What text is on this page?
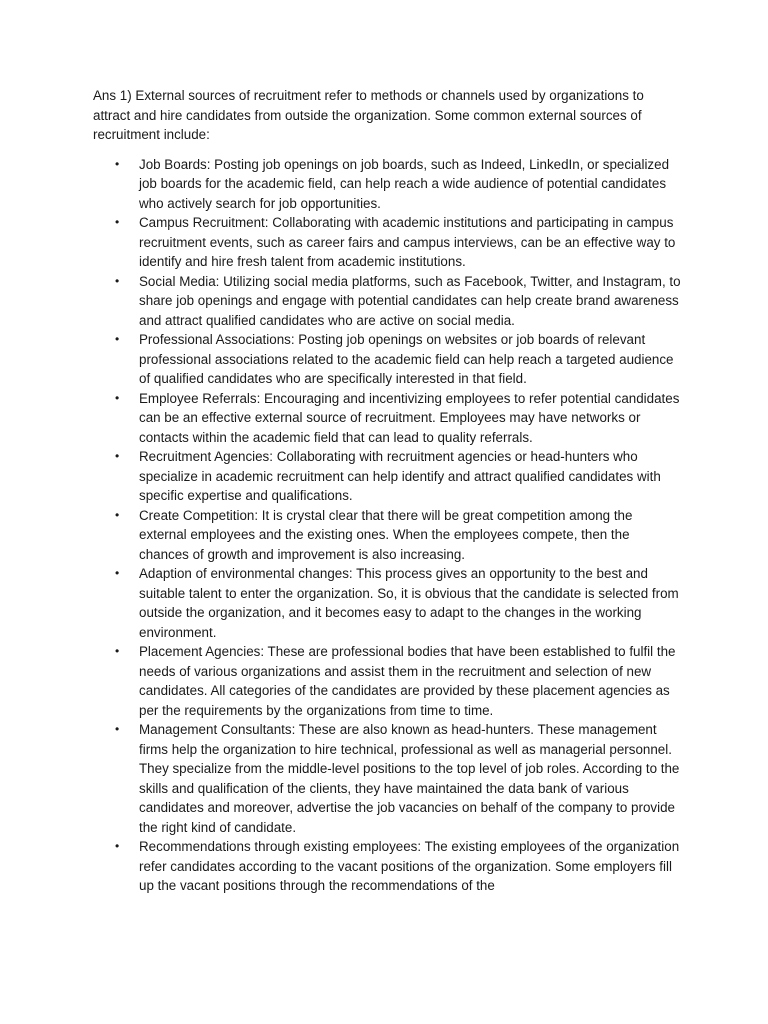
Ans 1) External sources of recruitment refer to methods or channels used by organizations to attract and hire candidates from outside the organization. Some common external sources of recruitment include:

• Job Boards: Posting job openings on job boards, such as Indeed, LinkedIn, or specialized job boards for the academic field, can help reach a wide audience of potential candidates who actively search for job opportunities.
• Campus Recruitment: Collaborating with academic institutions and participating in campus recruitment events, such as career fairs and campus interviews, can be an effective way to identify and hire fresh talent from academic institutions.
• Social Media: Utilizing social media platforms, such as Facebook, Twitter, and Instagram, to share job openings and engage with potential candidates can help create brand awareness and attract qualified candidates who are active on social media.
• Professional Associations: Posting job openings on websites or job boards of relevant professional associations related to the academic field can help reach a targeted audience of qualified candidates who are specifically interested in that field.
• Employee Referrals: Encouraging and incentivizing employees to refer potential candidates can be an effective external source of recruitment. Employees may have networks or contacts within the academic field that can lead to quality referrals.
• Recruitment Agencies: Collaborating with recruitment agencies or head-hunters who specialize in academic recruitment can help identify and attract qualified candidates with specific expertise and qualifications.
• Create Competition: It is crystal clear that there will be great competition among the external employees and the existing ones. When the employees compete, then the chances of growth and improvement is also increasing.
• Adaption of environmental changes: This process gives an opportunity to the best and suitable talent to enter the organization. So, it is obvious that the candidate is selected from outside the organization, and it becomes easy to adapt to the changes in the working environment.
• Placement Agencies: These are professional bodies that have been established to fulfil the needs of various organizations and assist them in the recruitment and selection of new candidates. All categories of the candidates are provided by these placement agencies as per the requirements by the organizations from time to time.
• Management Consultants: These are also known as head-hunters. These management firms help the organization to hire technical, professional as well as managerial personnel. They specialize from the middle-level positions to the top level of job roles. According to the skills and qualification of the clients, they have maintained the data bank of various candidates and moreover, advertise the job vacancies on behalf of the company to provide the right kind of candidate.
• Recommendations through existing employees: The existing employees of the organization refer candidates according to the vacant positions of the organization. Some employers fill up the vacant positions through the recommendations of the
